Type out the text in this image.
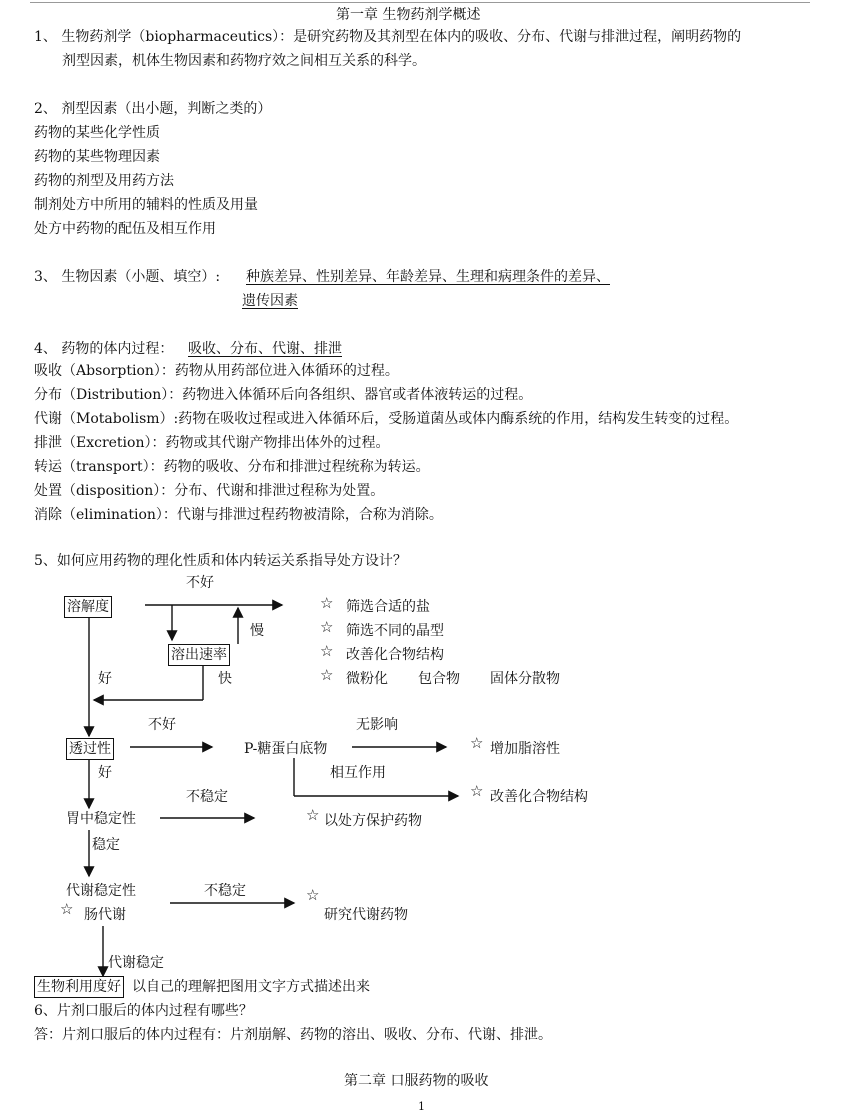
第一章 生物药剂学概述
1、 生物药剂学（biopharmaceutics）：是研究药物及其剂型在体内的吸收、分布、代谢与排泄过程，阐明药物的
剂型因素，机体生物因素和药物疗效之间相互关系的科学。
2、 剂型因素（出小题，判断之类的）
药物的某些化学性质
药物的某些物理因素
药物的剂型及用药方法
制剂处方中所用的辅料的性质及用量
处方中药物的配伍及相互作用
3、 生物因素（小题、填空）: 种族差异、性别差异、年龄差异、生理和病理条件的差异、
遗传因素
4、 药物的体内过程： 吸收、分布、代谢、排泄
吸收（Absorption）：药物从用药部位进入体循环的过程。
分布（Distribution）：药物进入体循环后向各组织、器官或者体液转运的过程。
代谢（Motabolism）:药物在吸收过程或进入体循环后，受肠道菌丛或体内酶系统的作用，结构发生转变的过程。
排泄（Excretion）：药物或其代谢产物排出体外的过程。
转运（transport）：药物的吸收、分布和排泄过程统称为转运。
处置（disposition）：分布、代谢和排泄过程称为处置。
消除（elimination）：代谢与排泄过程药物被清除，合称为消除。
5、如何应用药物的理化性质和体内转运关系指导处方设计？
溶解度
不好
溶出速率
慢
快
好
☆ 筛选合适的盐
☆ 筛选不同的晶型
☆ 改善化合物结构
☆ 微粉化 包合物 固体分散物
透过性
不好
P-糖蛋白底物
无影响
☆ 增加脂溶性
相互作用
☆ 改善化合物结构
好
胃中稳定性
不稳定
☆ 以处方保护药物
稳定
代谢稳定性	不稳定	☆
研究代谢药物
☆ 肠代谢
代谢稳定
生物利用度好 以自己的理解把图用文字方式描述出来
6、片剂口服后的体内过程有哪些？
答：片剂口服后的体内过程有：片剂崩解、药物的溶出、吸收、分布、代谢、排泄。
第二章 口服药物的吸收
1
